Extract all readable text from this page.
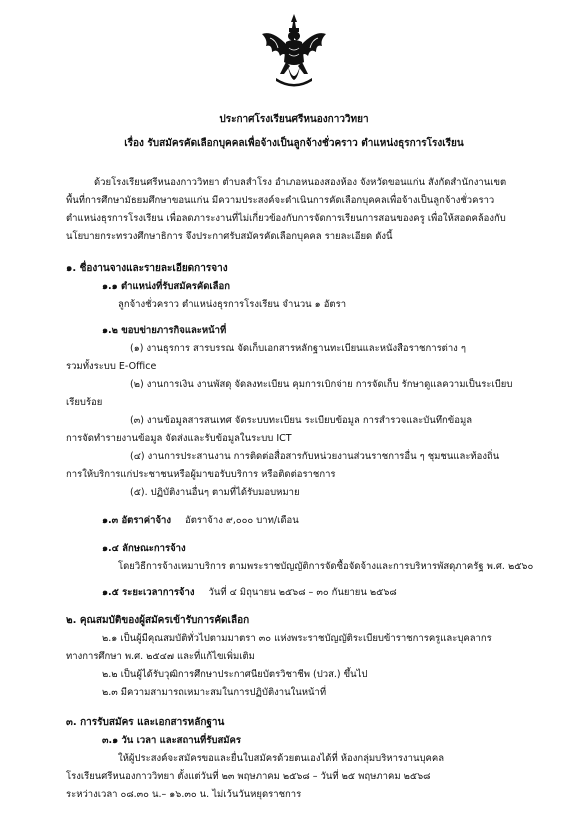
ประกาศโรงเรียนศรีหนองกาววิทยา
เรื่อง รับสมัครคัดเลือกบุคคลเพื่อจ้างเป็นลูกจ้างชั่วคราว ตำแหน่งธุรการโรงเรียน
ด้วยโรงเรียนศรีหนองกาววิทยา ตำบลสำโรง อำเภอหนองสองห้อง จังหวัดขอนแก่น สังกัดสำนักงานเขต
พื้นที่การศึกษามัธยมศึกษาขอนแก่น มีความประสงค์จะดำเนินการคัดเลือกบุคคลเพื่อจ้างเป็นลูกจ้างชั่วคราว
ตำแหน่งธุรการโรงเรียน เพื่อลดภาระงานที่ไม่เกี่ยวข้องกับการจัดการเรียนการสอนของครู เพื่อให้สอดคล้องกับ
นโยบายกระทรวงศึกษาธิการ จึงประกาศรับสมัครคัดเลือกบุคคล รายละเอียด ดังนี้
๑. ชื่องานจางและรายละเอียดการจาง
๑.๑ ตำแหน่งที่รับสมัครคัดเลือก
ลูกจ้างชั่วคราว ตำแหน่งธุรการโรงเรียน จำนวน ๑ อัตรา
๑.๒ ขอบข่ายภารกิจและหน้าที่
(๑) งานธุรการ สารบรรณ จัดเก็บเอกสารหลักฐานทะเบียนและหนังสือราชการต่าง ๆ
รวมทั้งระบบ E-Office
(๒) งานการเงิน งานพัสดุ จัดลงทะเบียน คุมการเบิกจ่าย การจัดเก็บ รักษาดูแลความเป็นระเบียบ
เรียบร้อย
(๓) งานข้อมูลสารสนเทศ จัดระบบทะเบียน ระเบียบข้อมูล การสำรวจและบันทึกข้อมูล
การจัดทำรายงานข้อมูล จัดส่งและรับข้อมูลในระบบ ICT
(๔) งานการประสานงาน การติดต่อสื่อสารกับหน่วยงานส่วนราชการอื่น ๆ ชุมชนและท้องถิ่น
การให้บริการแก่ประชาชนหรือผู้มาขอรับบริการ หรือติดต่อราชการ
(๕). ปฏิบัติงานอื่นๆ ตามที่ได้รับมอบหมาย
๑.๓ อัตราค่าจ้าง อัตราจ้าง ๙,๐๐๐ บาท/เดือน
๑.๔ ลักษณะการจ้าง
โดยวิธีการจ้างเหมาบริการ ตามพระราชบัญญัติการจัดซื้อจัดจ้างและการบริหารพัสดุภาครัฐ พ.ศ. ๒๕๖๐
๑.๕ ระยะเวลาการจ้าง วันที่ ๔ มิถุนายน ๒๕๖๘ – ๓๐ กันยายน ๒๕๖๘
๒. คุณสมบัติของผู้สมัครเข้ารับการคัดเลือก
๒.๑ เป็นผู้มีคุณสมบัติทั่วไปตามมาตรา ๓๐ แห่งพระราชบัญญัติระเบียบข้าราชการครูและบุคลากร
ทางการศึกษา พ.ศ. ๒๕๔๗ และที่แก้ไขเพิ่มเติม
๒.๒ เป็นผู้ได้รับวุฒิการศึกษาประกาศนียบัตรวิชาชีพ (ปวส.) ขึ้นไป
๒.๓ มีความสามารถเหมาะสมในการปฏิบัติงานในหน้าที่
๓. การรับสมัคร และเอกสารหลักฐาน
๓.๑ วัน เวลา และสถานที่รับสมัคร
ให้ผู้ประสงค์จะสมัครขอและยื่นใบสมัครด้วยตนเองได้ที่ ห้องกลุ่มบริหารงานบุคคล
โรงเรียนศรีหนองกาววิทยา ตั้งแต่วันที่ ๒๓ พฤษภาคม ๒๕๖๘ – วันที่ ๒๕ พฤษภาคม ๒๕๖๘
ระหว่างเวลา ๐๘.๓๐ น.– ๑๖.๓๐ น. ไม่เว้นวันหยุดราชการ
